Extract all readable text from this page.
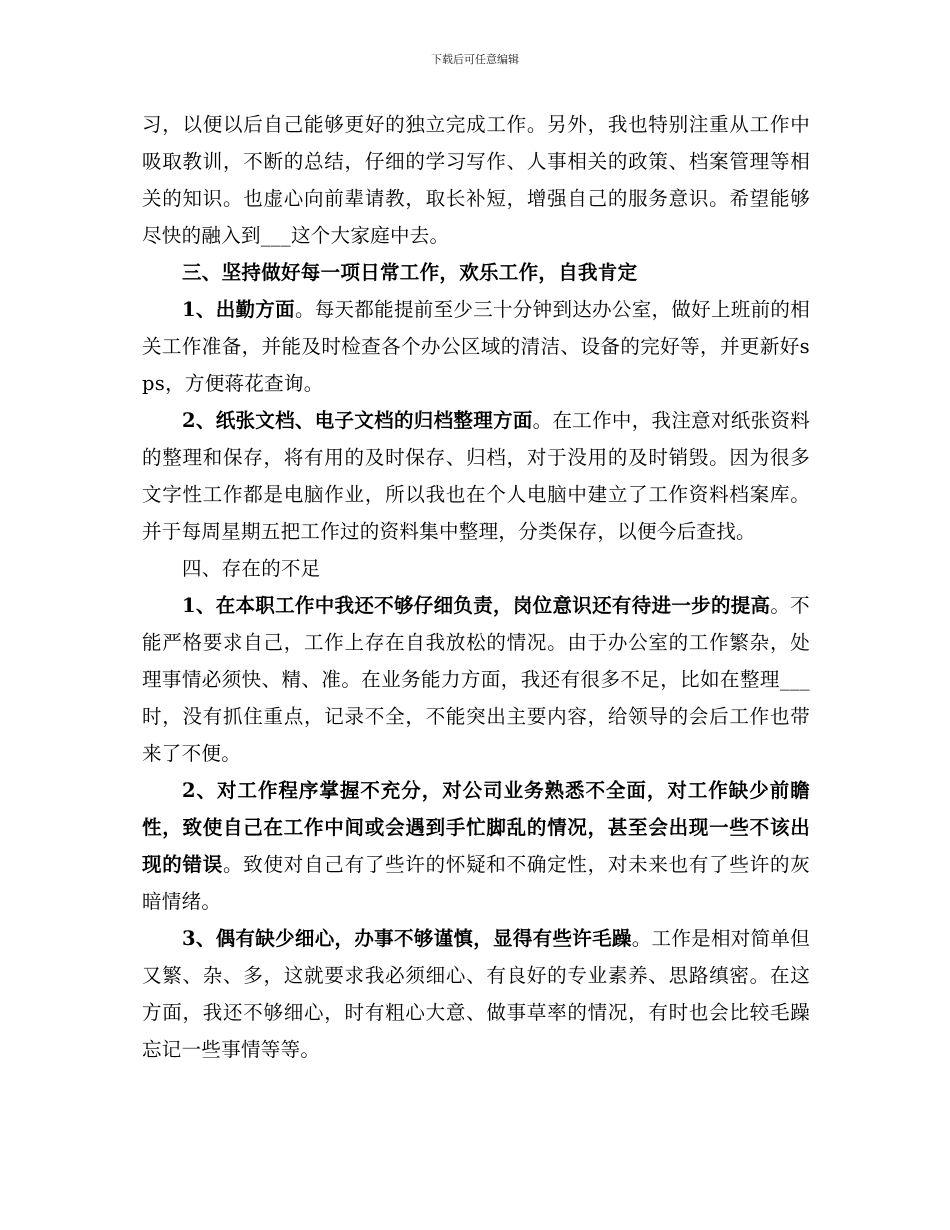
下载后可任意编辑

习，以便以后自己能够更好的独立完成工作。另外，我也特别注重从工作中吸取教训，不断的总结，仔细的学习写作、人事相关的政策、档案管理等相关的知识。也虚心向前辈请教，取长补短，增强自己的服务意识。希望能够尽快的融入到___这个大家庭中去。

三、坚持做好每一项日常工作，欢乐工作，自我肯定

1、出勤方面。每天都能提前至少三十分钟到达办公室，做好上班前的相关工作准备，并能及时检查各个办公区域的清洁、设备的完好等，并更新好sps，方便蒋花查询。

2、纸张文档、电子文档的归档整理方面。在工作中，我注意对纸张资料的整理和保存，将有用的及时保存、归档，对于没用的及时销毁。因为很多文字性工作都是电脑作业，所以我也在个人电脑中建立了工作资料档案库。并于每周星期五把工作过的资料集中整理，分类保存，以便今后查找。

四、存在的不足

1、在本职工作中我还不够仔细负责，岗位意识还有待进一步的提高。不能严格要求自己，工作上存在自我放松的情况。由于办公室的工作繁杂，处理事情必须快、精、准。在业务能力方面，我还有很多不足，比如在整理___时，没有抓住重点，记录不全，不能突出主要内容，给领导的会后工作也带来了不便。

2、对工作程序掌握不充分，对公司业务熟悉不全面，对工作缺少前瞻性，致使自己在工作中间或会遇到手忙脚乱的情况，甚至会出现一些不该出现的错误。致使对自己有了些许的怀疑和不确定性，对未来也有了些许的灰暗情绪。

3、偶有缺少细心，办事不够谨慎，显得有些许毛躁。工作是相对简单但又繁、杂、多，这就要求我必须细心、有良好的专业素养、思路缜密。在这方面，我还不够细心，时有粗心大意、做事草率的情况，有时也会比较毛躁忘记一些事情等等。
